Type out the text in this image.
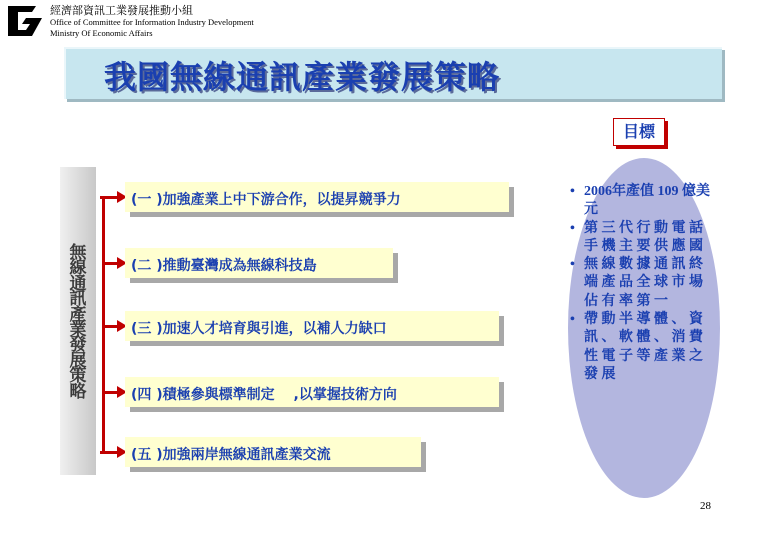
經濟部資訊工業發展推動小組
Office of Committee for Information Industry Development
Ministry Of Economic Affairs
我國無線通訊產業發展策略
目標
無線通訊產業發展策略
(一 )加強產業上中下游合作，以提昇競爭力
(二 )推動臺灣成為無線科技島
(三 )加速人才培育與引進，以補人力缺口
(四 )積極參與標準制定　 ,以掌握技術方向
(五 )加強兩岸無線通訊產業交流
• 2006年產值 109 億美元
• 第 三 代 行 動 電 話 手 機 主 要 供 應 國
• 無 線 數 據 通 訊 終 端 產 品 全 球 市 場 佔 有 率 第 一
• 帶 動 半 導 體 、 資 訊 、 軟 體 、 消 費 性 電 子 等 產 業 之 發 展
28
